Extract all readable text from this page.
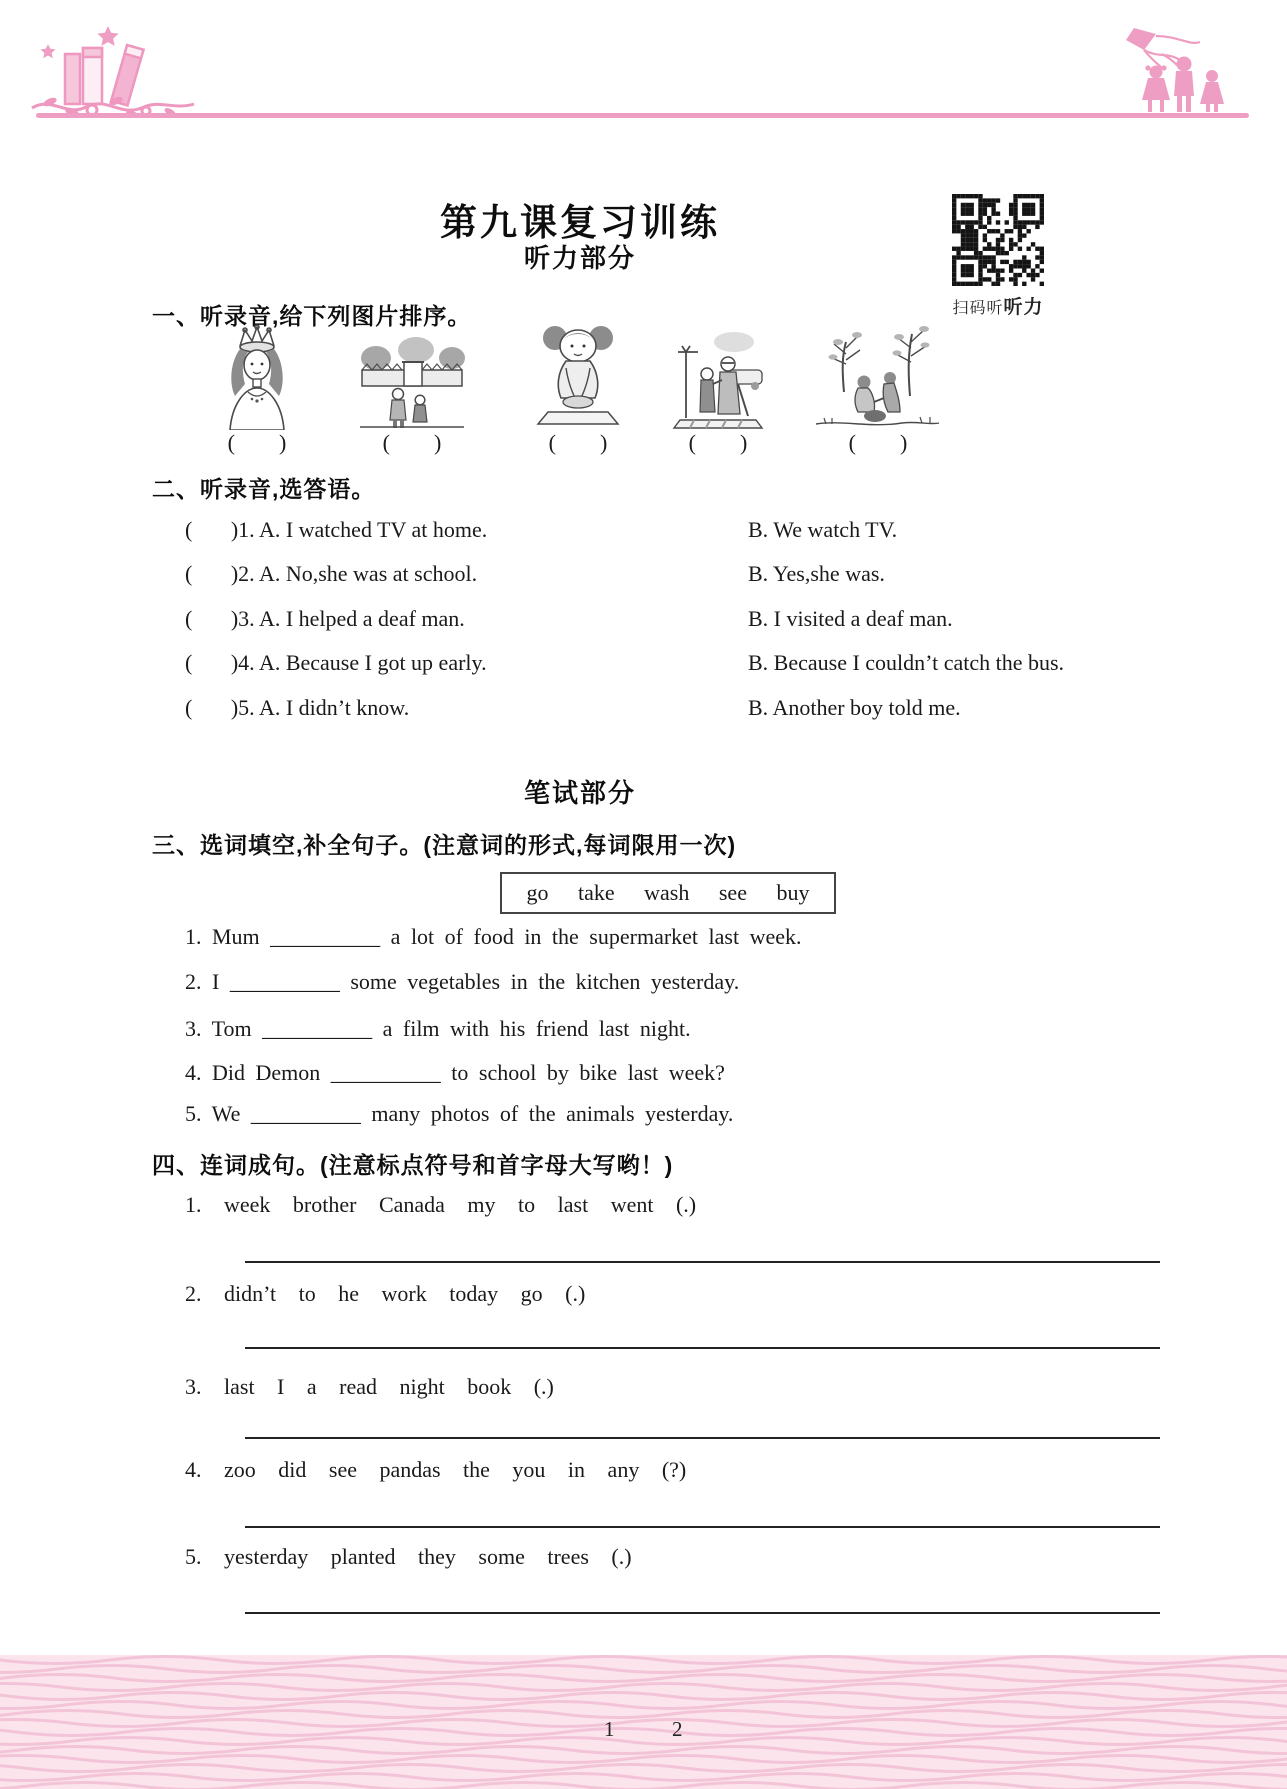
第九课复习训练
听力部分
扫码听听力
一、听录音,给下列图片排序。
(        )	(        )	(        )	(        )	(        )
二、听录音,选答语。
(       )1. A. I watched TV at home.	B. We watch TV.
(       )2. A. No,she was at school.	B. Yes,she was.
(       )3. A. I helped a deaf man.	B. I visited a deaf man.
(       )4. A. Because I got up early.	B. Because I couldn’t catch the bus.
(       )5. A. I didn’t know.	B. Another boy told me.
笔试部分
三、选词填空,补全句子。(注意词的形式,每词限用一次)
go take wash see buy
1. Mum __________ a lot of food in the supermarket last week.
2. I __________ some vegetables in the kitchen yesterday.
3. Tom __________ a film with his friend last night.
4. Did Demon __________ to school by bike last week?
5. We __________ many photos of the animals yesterday.
四、连词成句。(注意标点符号和首字母大写哟！)
1. week brother Canada my to last went (.)
2. didn’t to he work today go (.)
3. last I a read night book (.)
4. zoo did see pandas the you in any (?)
5. yesterday planted they some trees (.)
1	2
